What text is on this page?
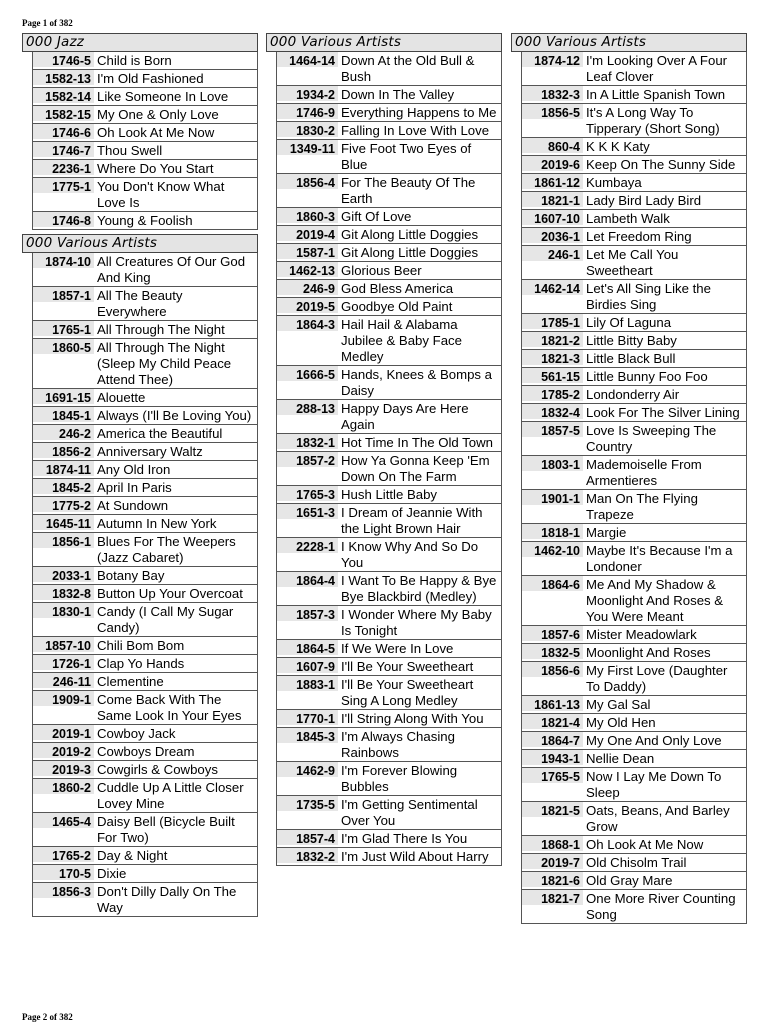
Page 1 of 382
000 Jazz
1746-5 Child is Born
1582-13 I'm Old Fashioned
1582-14 Like Someone In Love
1582-15 My One & Only Love
1746-6 Oh Look At Me Now
1746-7 Thou Swell
2236-1 Where Do You Start
1775-1 You Don't Know What Love Is
1746-8 Young & Foolish
000 Various Artists
1874-10 All Creatures Of Our God And King
1857-1 All The Beauty Everywhere
1765-1 All Through The Night
1860-5 All Through The Night (Sleep My Child Peace Attend Thee)
1691-15 Alouette
1845-1 Always (I'll Be Loving You)
246-2 America the Beautiful
1856-2 Anniversary Waltz
1874-11 Any Old Iron
1845-2 April In Paris
1775-2 At Sundown
1645-11 Autumn In New York
1856-1 Blues For The Weepers (Jazz Cabaret)
2033-1 Botany Bay
1832-8 Button Up Your Overcoat
1830-1 Candy (I Call My Sugar Candy)
1857-10 Chili Bom Bom
1726-1 Clap Yo Hands
246-11 Clementine
1909-1 Come Back With The Same Look In Your Eyes
2019-1 Cowboy Jack
2019-2 Cowboys Dream
2019-3 Cowgirls & Cowboys
1860-2 Cuddle Up A Little Closer Lovey Mine
1465-4 Daisy Bell (Bicycle Built For Two)
1765-2 Day & Night
170-5 Dixie
1856-3 Don't Dilly Dally On The Way
000 Various Artists
1464-14 Down At the Old Bull & Bush
1934-2 Down In The Valley
1746-9 Everything Happens to Me
1830-2 Falling In Love With Love
1349-11 Five Foot Two Eyes of Blue
1856-4 For The Beauty Of The Earth
1860-3 Gift Of Love
2019-4 Git Along Little Doggies
1587-1 Git Along Little Doggies
1462-13 Glorious Beer
246-9 God Bless America
2019-5 Goodbye Old Paint
1864-3 Hail Hail & Alabama Jubilee & Baby Face Medley
1666-5 Hands, Knees & Bomps a Daisy
288-13 Happy Days Are Here Again
1832-1 Hot Time In The Old Town
1857-2 How Ya Gonna Keep 'Em Down On The Farm
1765-3 Hush Little Baby
1651-3 I Dream of Jeannie With the Light Brown Hair
2228-1 I Know Why And So Do You
1864-4 I Want To Be Happy & Bye Bye Blackbird (Medley)
1857-3 I Wonder Where My Baby Is Tonight
1864-5 If We Were In Love
1607-9 I'll Be Your Sweetheart
1883-1 I'll Be Your Sweetheart Sing A Long Medley
1770-1 I'll String Along With You
1845-3 I'm Always Chasing Rainbows
1462-9 I'm Forever Blowing Bubbles
1735-5 I'm Getting Sentimental Over You
1857-4 I'm Glad There Is You
1832-2 I'm Just Wild About Harry
000 Various Artists
1874-12 I'm Looking Over A Four Leaf Clover
1832-3 In A Little Spanish Town
1856-5 It's A Long Way To Tipperary (Short Song)
860-4 K K K Katy
2019-6 Keep On The Sunny Side
1861-12 Kumbaya
1821-1 Lady Bird Lady Bird
1607-10 Lambeth Walk
2036-1 Let Freedom Ring
246-1 Let Me Call You Sweetheart
1462-14 Let's All Sing Like the Birdies Sing
1785-1 Lily Of Laguna
1821-2 Little Bitty Baby
1821-3 Little Black Bull
561-15 Little Bunny Foo Foo
1785-2 Londonderry Air
1832-4 Look For The Silver Lining
1857-5 Love Is Sweeping The Country
1803-1 Mademoiselle From Armentieres
1901-1 Man On The Flying Trapeze
1818-1 Margie
1462-10 Maybe It's Because I'm a Londoner
1864-6 Me And My Shadow & Moonlight And Roses & You Were Meant
1857-6 Mister Meadowlark
1832-5 Moonlight And Roses
1856-6 My First Love (Daughter To Daddy)
1861-13 My Gal Sal
1821-4 My Old Hen
1864-7 My One And Only Love
1943-1 Nellie Dean
1765-5 Now I Lay Me Down To Sleep
1821-5 Oats, Beans, And Barley Grow
1868-1 Oh Look At Me Now
2019-7 Old Chisolm Trail
1821-6 Old Gray Mare
1821-7 One More River Counting Song
Page 2 of 382
